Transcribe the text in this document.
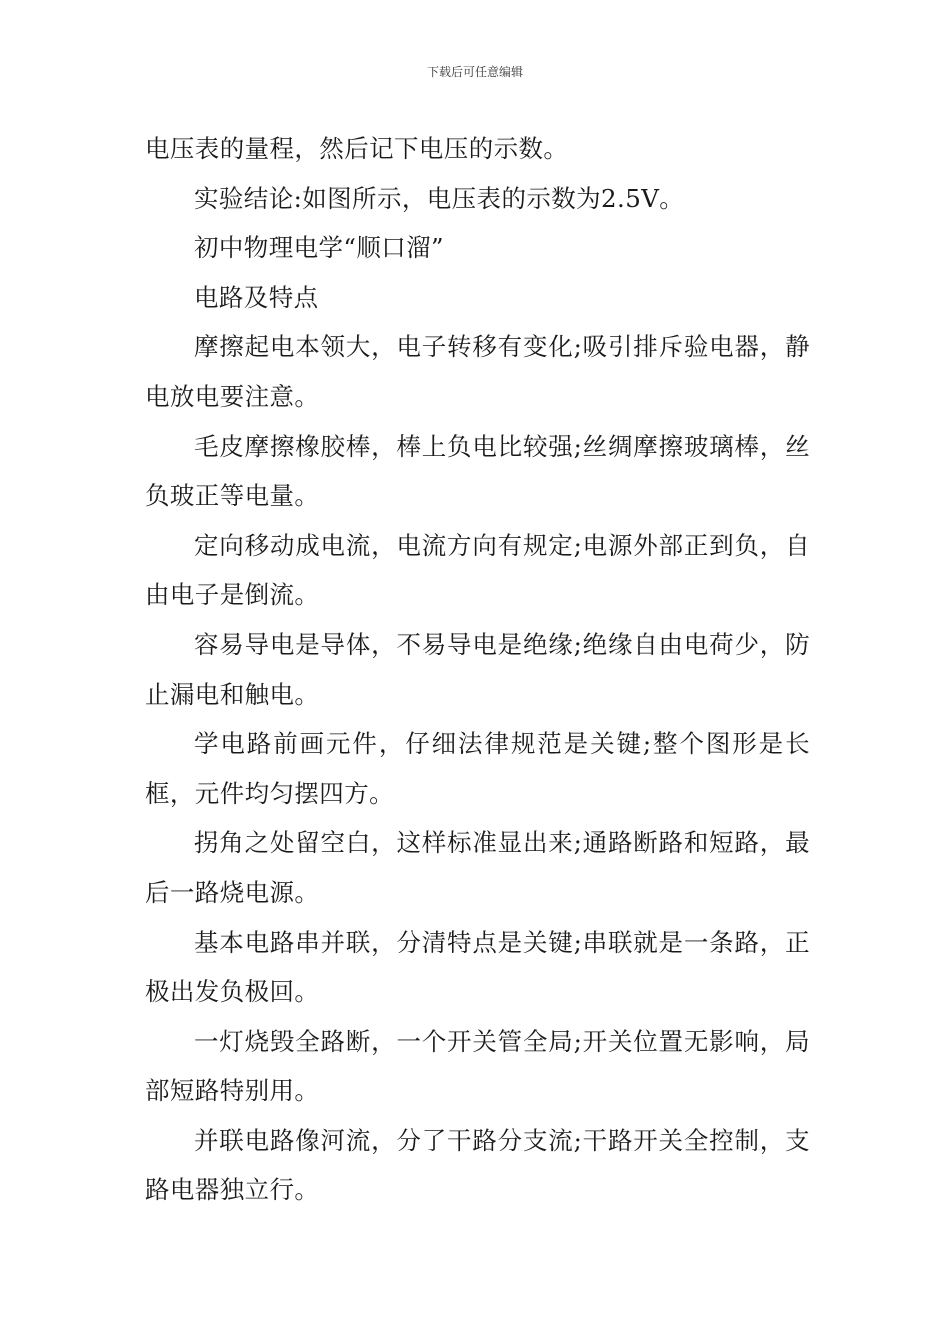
下载后可任意编辑

电压表的量程，然后记下电压的示数。

实验结论:如图所示，电压表的示数为2.5V。

初中物理电学“顺口溜”

电路及特点

摩擦起电本领大，电子转移有变化;吸引排斥验电器，静电放电要注意。

毛皮摩擦橡胶棒，棒上负电比较强;丝绸摩擦玻璃棒，丝负玻正等电量。

定向移动成电流，电流方向有规定;电源外部正到负，自由电子是倒流。

容易导电是导体，不易导电是绝缘;绝缘自由电荷少，防止漏电和触电。

学电路前画元件，仔细法律规范是关键;整个图形是长框，元件均匀摆四方。

拐角之处留空白，这样标准显出来;通路断路和短路，最后一路烧电源。

基本电路串并联，分清特点是关键;串联就是一条路，正极出发负极回。

一灯烧毁全路断，一个开关管全局;开关位置无影响，局部短路特别用。

并联电路像河流，分了干路分支流;干路开关全控制，支路电器独立行。
